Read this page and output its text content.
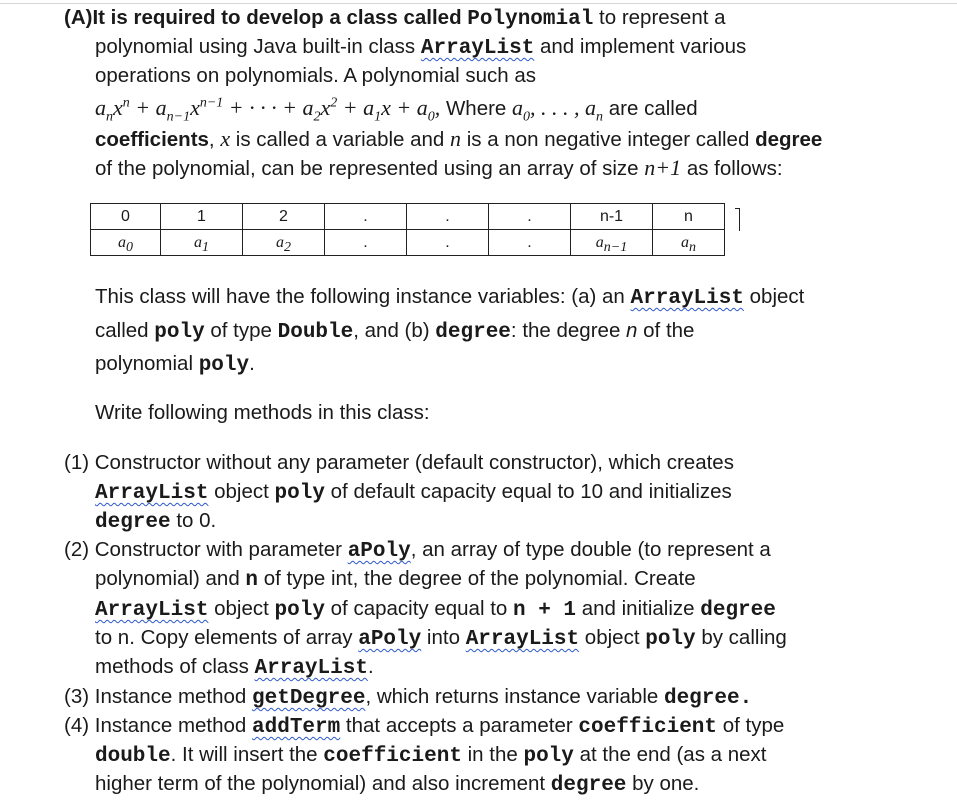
(A)It is required to develop a class called Polynomial to represent a
polynomial using Java built-in class ArrayList and implement various
operations on polynomials. A polynomial such as
$a_nx^n + a_{n-1}x^{n-1}$ + · · · + $a_2x^2 + a_1x + a_0$, Where $a_0$, . . . , $a_n$ are called
coefficients, x is called a variable and n is a non negative integer called degree
of the polynomial, can be represented using an array of size n+1 as follows:
0	1	2	.	.	.	n-1	n
$a_0$	$a_1$	$a_2$	.	.	.	$a_{n-1}$	$a_n$
This class will have the following instance variables: (a) an ArrayList object
called poly of type Double, and (b) degree: the degree n of the
polynomial poly.
Write following methods in this class:
(1) Constructor without any parameter (default constructor), which creates
ArrayList object poly of default capacity equal to 10 and initializes
degree to 0.
(2) Constructor with parameter aPoly, an array of type double (to represent a
polynomial) and n of type int, the degree of the polynomial. Create
ArrayList object poly of capacity equal to n + 1 and initialize degree
to n. Copy elements of array aPoly into ArrayList object poly by calling
methods of class ArrayList.
(3) Instance method getDegree, which returns instance variable degree.
(4) Instance method addTerm that accepts a parameter coefficient of type
double. It will insert the coefficient in the poly at the end (as a next
higher term of the polynomial) and also increment degree by one.
